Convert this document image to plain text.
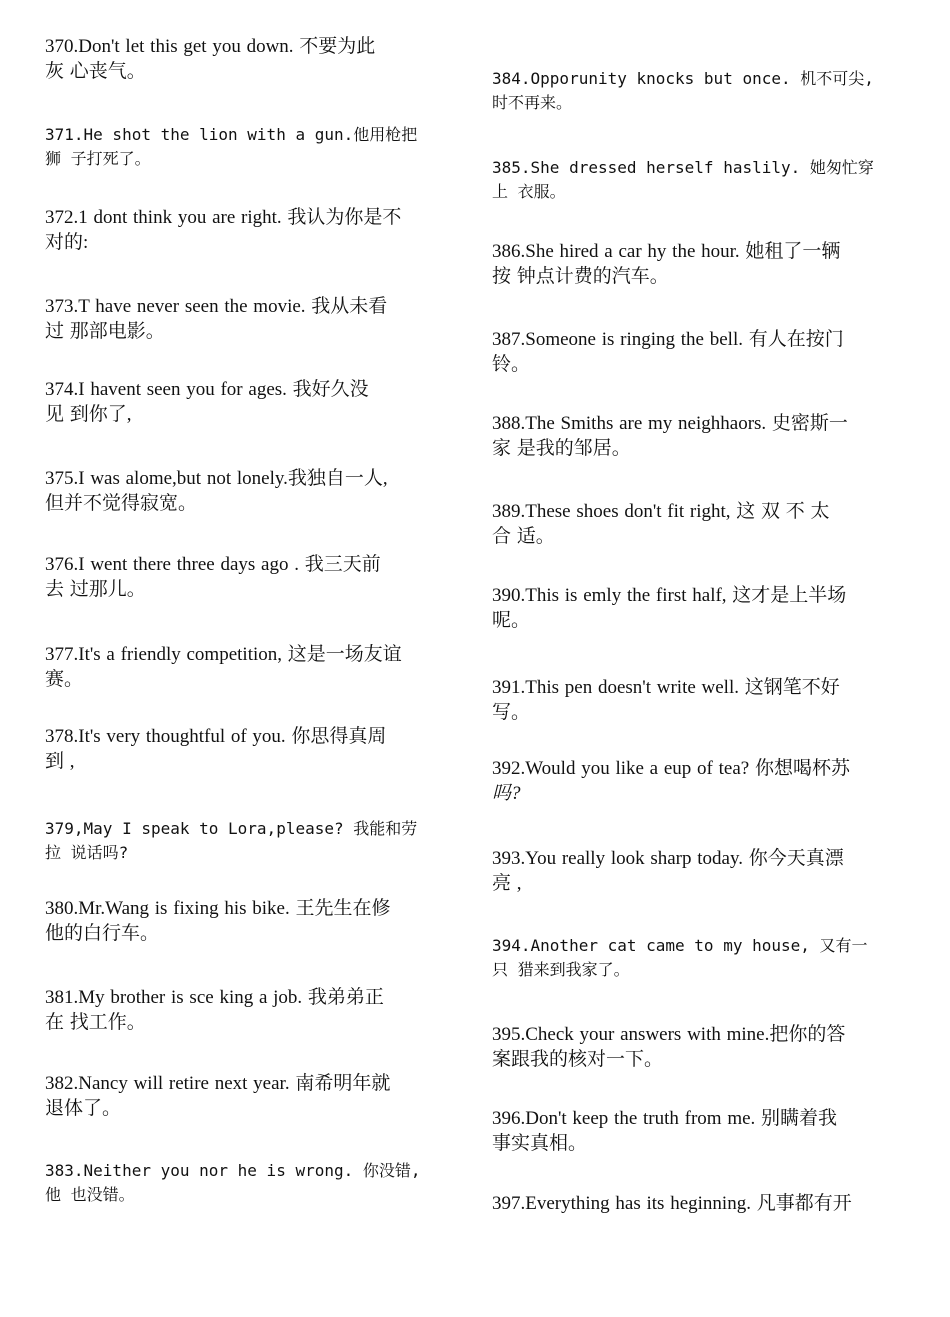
370.Don't let this get you down. 不要为此
灰 心丧气。
371.He shot the lion with a gun.他用枪把
狮 子打死了。
372.1 dont think you are right. 我认为你是不
对的:
373.T have never seen the movie. 我从未看
过 那部电影。
374.I havent seen you for ages. 我好久没
见 到你了,
375.I was alome,but not lonely.我独自一人,
但并不觉得寂宽。
376.I went there three days ago . 我三天前
去 过那儿。
377.It's a friendly competition, 这是一场友谊
赛。
378.It's very thoughtful of you. 你思得真周
到 ,
379,May I speak to Lora,please? 我能和劳
拉 说话吗?
380.Mr.Wang is fixing his bike. 王先生在修
他的白行车。
381.My brother is sce king a job. 我弟弟正
在 找工作。
382.Nancy will retire next year. 南希明年就
退体了。
383.Neither you nor he is wrong. 你没错,
他 也没错。
384.Opporunity knocks but once. 机不可尖,
时不再来。
385.She dressed herself haslily. 她匆忙穿
上 衣服。
386.She hired a car hy the hour. 她租了一辆
按 钟点计费的汽车。
387.Someone is ringing the bell. 有人在按门
铃。
388.The Smiths are my neighhaors. 史密斯一
家 是我的邹居。
389.These shoes don't fit right, 这 双 不 太
合 适。
390.This is emly the first half, 这才是上半场
呢。
391.This pen doesn't write well. 这钢笔不好
写。
392.Would you like a eup of tea? 你想喝杯苏
吗?
393.You really look sharp today. 你今天真漂
亮 ,
394.Another cat came to my house, 又有一
只 猎来到我家了。
395.Check your answers with mine.把你的答
案跟我的核对一下。
396.Don't keep the truth from me. 别瞒着我
事实真相。
397.Everything has its heginning. 凡事都有开
